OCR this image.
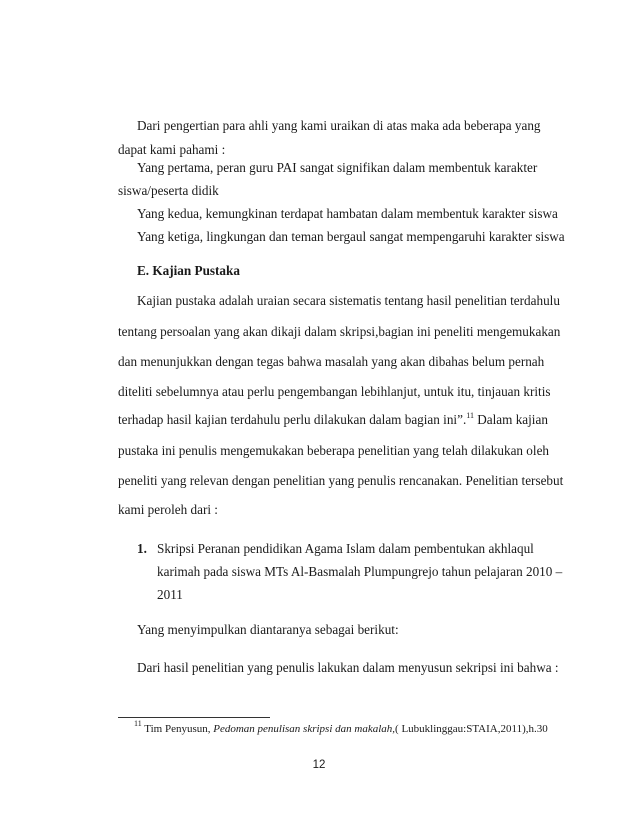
Dari pengertian para ahli yang kami uraikan di atas maka ada beberapa yang
dapat kami pahami :
Yang pertama, peran guru PAI sangat signifikan dalam membentuk karakter
siswa/peserta didik
Yang kedua, kemungkinan terdapat hambatan dalam membentuk karakter siswa
Yang ketiga, lingkungan dan teman bergaul sangat mempengaruhi karakter siswa
E. Kajian Pustaka
Kajian pustaka adalah uraian secara sistematis tentang hasil penelitian terdahulu
tentang persoalan yang akan dikaji dalam skripsi,bagian ini peneliti mengemukakan
dan menunjukkan dengan tegas bahwa masalah yang akan dibahas belum pernah
diteliti sebelumnya atau perlu pengembangan lebihlanjut, untuk itu, tinjauan kritis
terhadap hasil kajian terdahulu perlu dilakukan dalam bagian ini”.$^{11}$ Dalam kajian
pustaka ini penulis mengemukakan beberapa penelitian yang telah dilakukan oleh
peneliti yang relevan dengan penelitian yang penulis rencanakan. Penelitian tersebut
kami peroleh dari :
1. Skripsi Peranan pendidikan Agama Islam dalam pembentukan akhlaqul
karimah pada siswa MTs Al-Basmalah Plumpungrejo tahun pelajaran 2010 –
2011
Yang menyimpulkan diantaranya sebagai berikut:
Dari hasil penelitian yang penulis lakukan dalam menyusun sekripsi ini bahwa :
$^{11}$ Tim Penyusun, Pedoman penulisan skripsi dan makalah,( Lubuklinggau:STAIA,2011),h.30
12
